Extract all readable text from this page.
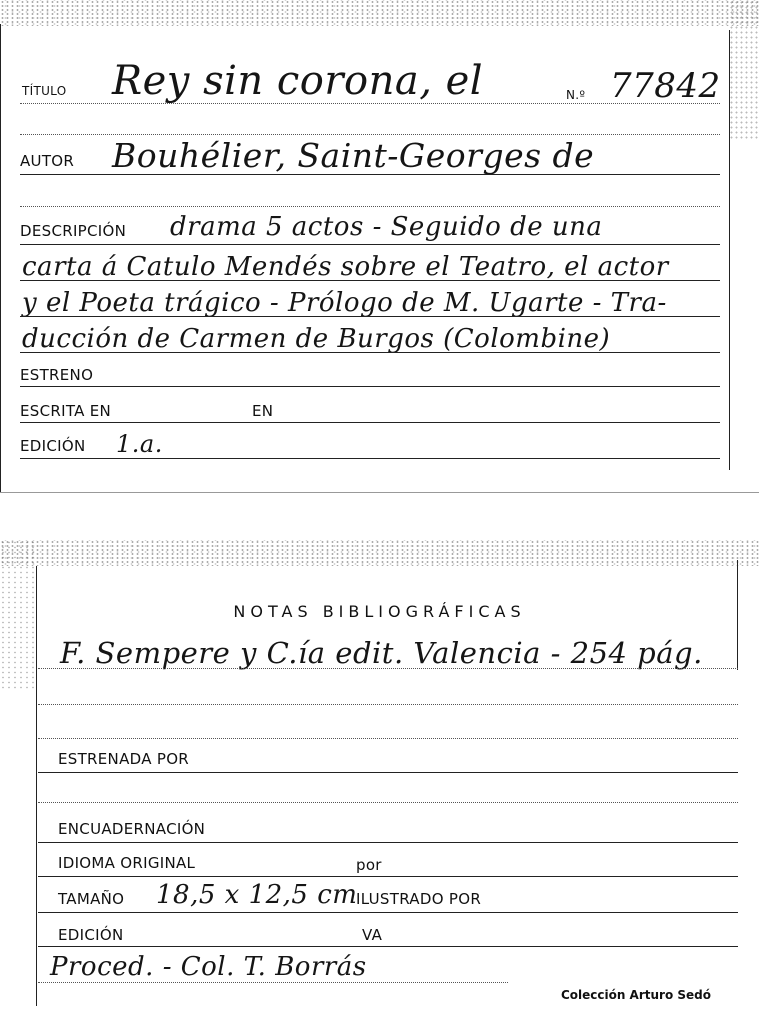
TÍTULO Rey sin corona, el	N.º 77842
AUTOR Bouhélier, Saint-Georges de
DESCRIPCIÓN drama 5 actos - Seguido de una
carta á Catulo Mendés sobre el Teatro, el actor
y el Poeta trágico - Prólogo de M. Ugarte - Tra-
ducción de Carmen de Burgos (Colombine)
ESTRENO
ESCRITA EN	EN
EDICIÓN 1.a.
NOTAS BIBLIOGRÁFICAS
F. Sempere y C.ía edit. Valencia - 254 pág.
ESTRENADA POR
ENCUADERNACIÓN
IDIOMA ORIGINAL	por
TAMAÑO 18,5 x 12,5 cm
ILUSTRADO POR
EDICIÓN	VA
Proced. - Col. T. Borrás
Colección Arturo Sedó
